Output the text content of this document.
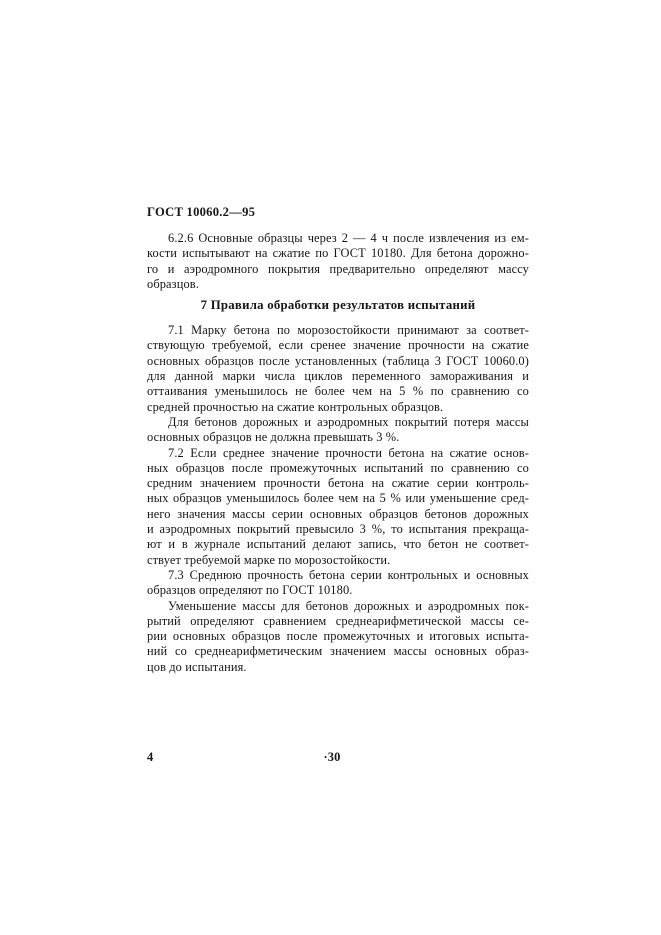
ГОСТ 10060.2—95
6.2.6 Основные образцы через 2 — 4 ч после извлечения из ем-
кости испытывают на сжатие по ГОСТ 10180. Для бетона дорожно-
го и аэродромного покрытия предварительно определяют массу
образцов.
7 Правила обработки результатов испытаний
7.1 Марку бетона по морозостойкости принимают за соответ-
ствующую требуемой, если сренее значение прочности на сжатие
основных образцов после установленных (таблица 3 ГОСТ 10060.0)
для данной марки числа циклов переменного замораживания и
оттаивания уменьшилось не более чем на 5 % по сравнению со
средней прочностью на сжатие контрольных образцов.
Для бетонов дорожных и аэродромных покрытий потеря массы
основных образцов не должна превышать 3 %.
7.2 Если среднее значение прочности бетона на сжатие основ-
ных образцов после промежуточных испытаний по сравнению со
средним значением прочности бетона на сжатие серии контроль-
ных образцов уменьшилось более чем на 5 % или уменьшение сред-
него значения массы серии основных образцов бетонов дорожных
и аэродромных покрытий превысило 3 %, то испытания прекраща-
ют и в журнале испытаний делают запись, что бетон не соответ-
ствует требуемой марке по морозостойкости.
7.3 Среднюю прочность бетона серии контрольных и основных
образцов определяют по ГОСТ 10180.
Уменьшение массы для бетонов дорожных и аэродромных пок-
рытий определяют сравнением среднеарифметической массы се-
рии основных образцов после промежуточных и итоговых испыта-
ний со среднеарифметическим значением массы основных образ-
цов до испытания.
4	·30
